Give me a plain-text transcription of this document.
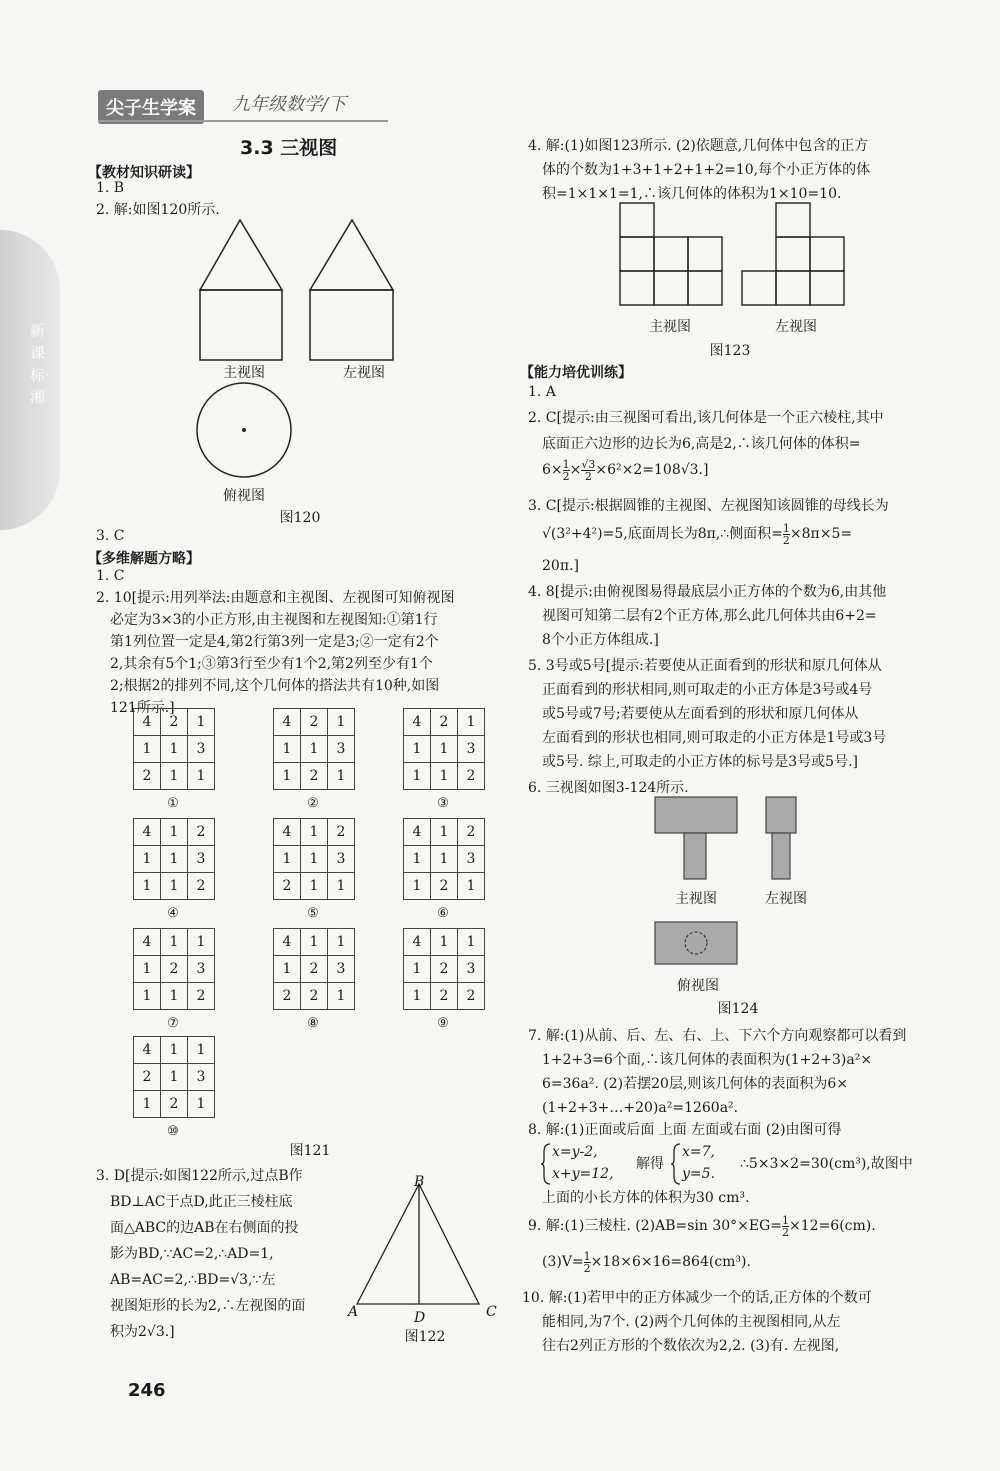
新课标·湘
尖子生学案	九年级数学/下
3.3 三视图
【教材知识研读】
1. B
2. 解:如图120所示.
主视图	左视图
俯视图
图120
3. C
【多维解题方略】
1. C
2. 10[提示:用列举法:由题意和主视图、左视图可知俯视图
必定为3×3的小正方形,由主视图和左视图知:①第1行
第1列位置一定是4,第2行第3列一定是3;②一定有2个
2,其余有5个1;③第3行至少有1个2,第2列至少有1个
2;根据2的排列不同,这个几何体的搭法共有10种,如图
121所示.]
4	2	1
1	1	3
2	1	1
①
4	2	1
1	1	3
1	2	1
②
4	2	1
1	1	3
1	1	2
③
4	1	2
1	1	3
1	1	2
④
4	1	2
1	1	3
2	1	1
⑤
4	1	2
1	1	3
1	2	1
⑥
4	1	1
1	2	3
1	1	2
⑦
4	1	1
1	2	3
2	2	1
⑧
4	1	1
1	2	3
1	2	2
⑨
4	1	1
2	1	3
1	2	1
⑩
图121
3. D[提示:如图122所示,过点B作
BD⊥AC于点D,此正三棱柱底
面△ABC的边AB在右侧面的投
影为BD,∵AC=2,∴AD=1,
AB=AC=2,∴BD=√3,∵左
视图矩形的长为2,∴左视图的面
积为2√3.]
B
A	D	C
图122
246
4. 解:(1)如图123所示. (2)依题意,几何体中包含的正方
体的个数为1+3+1+2+1+2=10,每个小正方体的体
积=1×1×1=1,∴该几何体的体积为1×10=10.
主视图	左视图
图123
【能力培优训练】
1. A
2. C[提示:由三视图可看出,该几何体是一个正六棱柱,其中
底面正六边形的边长为6,高是2,∴该几何体的体积=
$6\times \frac{1}{2} \times \frac{√3}{2} \times 6^2\times 2=108√3$.]
3. C[提示:根据圆锥的主视图、左视图知该圆锥的母线长为
√(3²+4²)=5,底面周长为8π,∴侧面积= $\frac{1}{2} \times 8\pi\times 5=$
20π.]
4. 8[提示:由俯视图易得最底层小正方体的个数为6,由其他
视图可知第二层有2个正方体,那么此几何体共由6+2=
8个小正方体组成.]
5. 3号或5号[提示:若要使从正面看到的形状和原几何体从
正面看到的形状相同,则可取走的小正方体是3号或4号
或5号或7号;若要使从左面看到的形状和原几何体从
左面看到的形状也相同,则可取走的小正方体是1号或3号
或5号. 综上,可取走的小正方体的标号是3号或5号.]
6. 三视图如图3-124所示.
主视图	左视图
俯视图
图124
7. 解:(1)从前、后、左、右、上、下六个方向观察都可以看到
1+2+3=6个面,∴该几何体的表面积为(1+2+3)a²×
6=36a². (2)若摆20层,则该几何体的表面积为6×
(1+2+3+…+20)a²=1260a².
8. 解:(1)正面或后面 上面 左面或右面 (2)由图可得
x=y-2,
x+y=12,
解得
x=7,
y=5.
∴5×3×2=30(cm³),故图中
上面的小长方体的体积为30 cm³.
9. 解:(1)三棱柱. (2)AB=sin $30^\circ\times EG= \frac{1}{2} \times 12=6(cm)$.
$(3)V= \frac{1}{2} \times 18\times 6\times 16=864(cm^3)$.
10. 解:(1)若甲中的正方体减少一个的话,正方体的个数可
能相同,为7个. (2)两个几何体的主视图相同,从左
往右2列正方形的个数依次为2,2. (3)有. 左视图,
